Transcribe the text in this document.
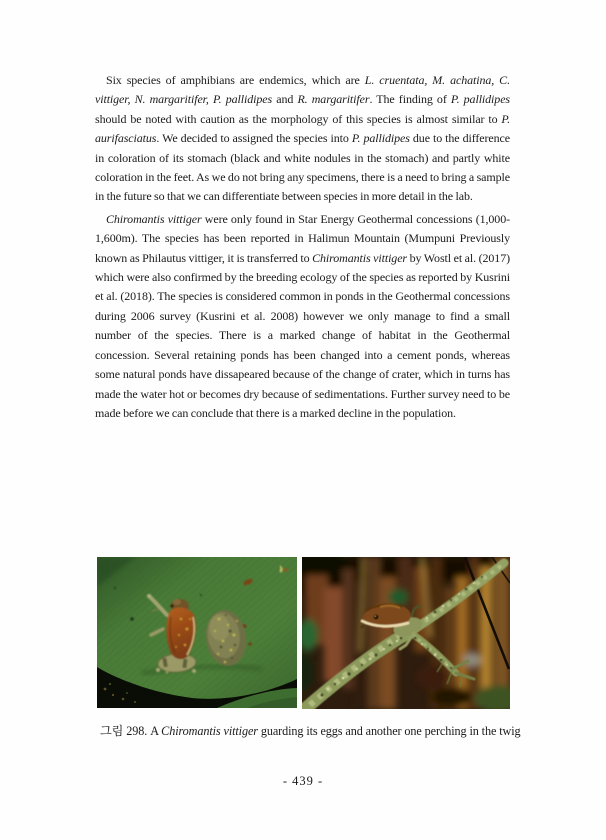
Six species of amphibians are endemics, which are L. cruentata, M. achatina, C. vittiger, N. margaritifer, P. pallidipes and R. margaritifer. The finding of P. pallidipes should be noted with caution as the morphology of this species is almost similar to P. aurifasciatus. We decided to assigned the species into P. pallidipes due to the difference in coloration of its stomach (black and white nodules in the stomach) and partly white coloration in the feet. As we do not bring any specimens, there is a need to bring a sample in the future so that we can differentiate between species in more detail in the lab.

Chiromantis vittiger were only found in Star Energy Geothermal concessions (1,000-1,600m). The species has been reported in Halimun Mountain (Mumpuni Previously known as Philautus vittiger, it is transferred to Chiromantis vittiger by Wostl et al. (2017) which were also confirmed by the breeding ecology of the species as reported by Kusrini et al. (2018). The species is considered common in ponds in the Geothermal concessions during 2006 survey (Kusrini et al. 2008) however we only manage to find a small number of the species. There is a marked change of habitat in the Geothermal concession. Several retaining ponds has been changed into a cement ponds, whereas some natural ponds have dissapeared because of the change of crater, which in turns has made the water hot or becomes dry because of sedimentations. Further survey need to be made before we can conclude that there is a marked decline in the population.

그림 298. A Chiromantis vittiger guarding its eggs and another one perching in the twig
- 439 -
